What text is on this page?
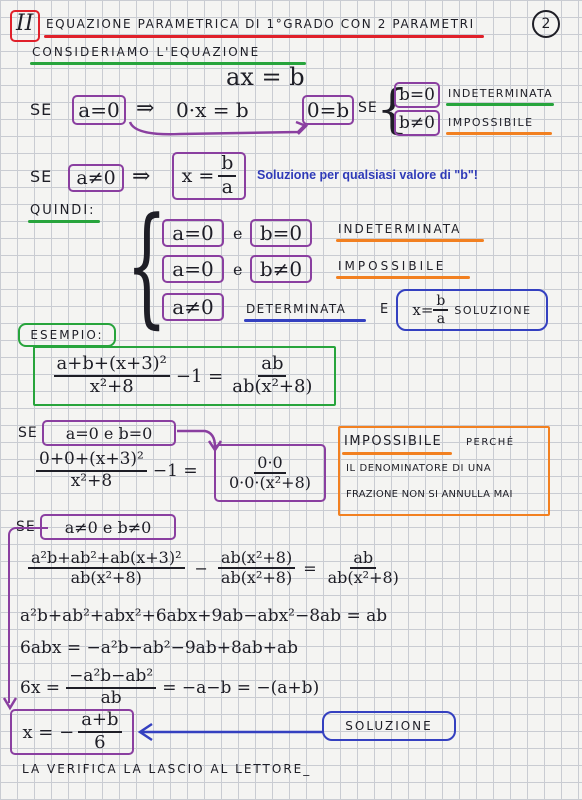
II EQUAZIONE PARAMETRICA DI 1°GRADO CON 2 PARAMETRI	2
CONSIDERIAMO L'EQUAZIONE
ax = b
SE a=0 ⇒ 0·x = b	0=b SE
{
b=0
b≠0
INDETERMINATA
IMPOSSIBILE
SE a≠0 ⇒ $x = \frac{b}{a}$ Soluzione per qualsiasi valore di "b"!
QUINDI: { a=0 e b=0	INDETERMINATA
a=0 e b≠0	IMPOSSIBILE
a≠0	DETERMINATA	E $x= \frac{b}{a}$ SOLUZIONE
ESEMPIO:
$\frac{\text{a+b+(x+3)²}}{\text{x²+8}} -1 = \frac{ab}{\text{ab(x²+8)}}$
SE a=0 e b=0
$\frac{\text{0+0+(x+3)²}}{\text{x²+8}} -1 = \frac{0\cdot 0}{\text{0·0·(x²+8)}}$
IMPOSSIBILE PERCHÉ
IL DENOMINATORE DI UNA
FRAZIONE NON SI ANNULLA MAI
SE a≠0 e b≠0
$\frac{\text{a²b+ab²+ab(x+3)²}}{\text{ab(x²+8)}} - \frac{\text{ab(x²+8)}}{\text{ab(x²+8)}} = \frac{ab}{\text{ab(x²+8)}}$
a²b+ab²+abx²+6abx+9ab−abx²−8ab = ab
6abx = −a²b−ab²−9ab+8ab+ab
$6x = \frac{\text{−a²b−ab²}}{ab} = -a-b = -(a+b)$
x = − $\frac{a+b}{6}$	SOLUZIONE
LA VERIFICA LA LASCIO AL LETTORE_
